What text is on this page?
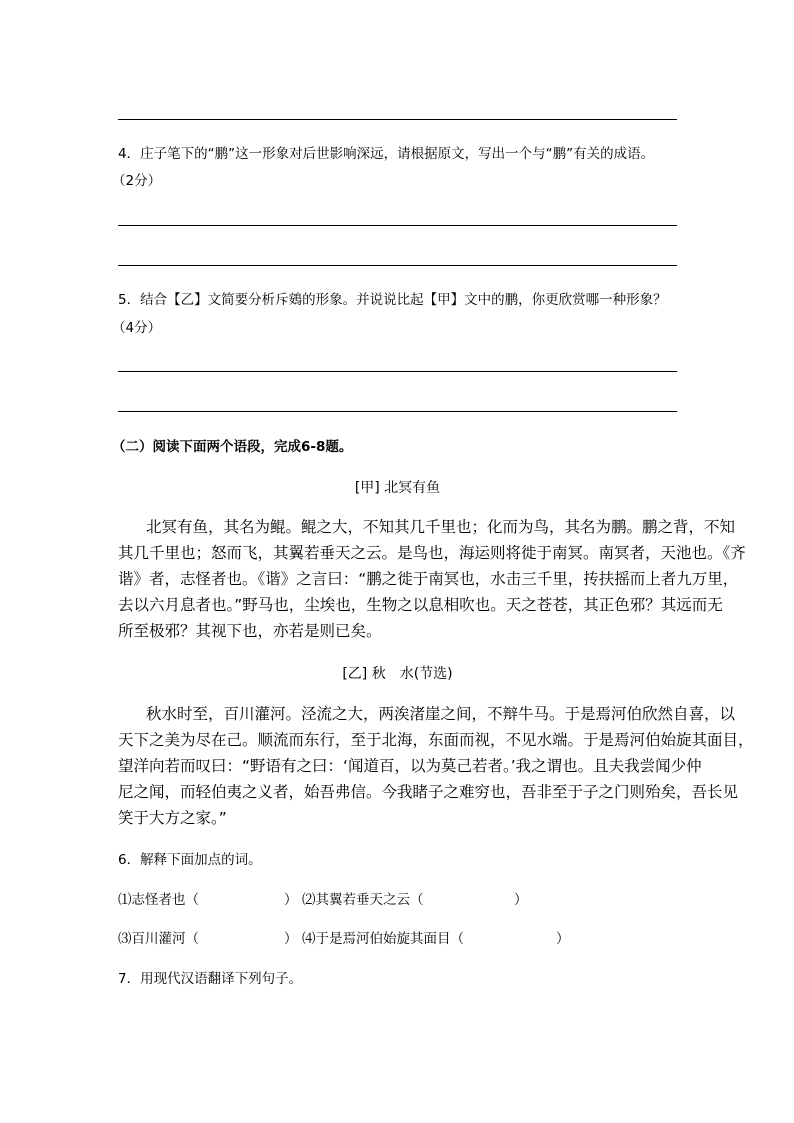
4．庄子笔下的“鹏”这一形象对后世影响深远，请根据原文，写出一个与“鹏”有关的成语。
（2分）
5．结合【乙】文简要分析斥鴳的形象。并说说比起【甲】文中的鹏，你更欣赏哪一种形象？
（4分）
（二）阅读下面两个语段，完成6-8题。
[甲] 北冥有鱼
北冥有鱼，其名为鲲。鲲之大，不知其几千里也；化而为鸟，其名为鹏。鹏之背，不知
其几千里也；怒而飞，其翼若垂天之云。是鸟也，海运则将徙于南冥。南冥者，天池也。《齐
谐》者，志怪者也。《谐》之言曰：“鹏之徙于南冥也，水击三千里，抟扶摇而上者九万里，
去以六月息者也。”野马也，尘埃也，生物之以息相吹也。天之苍苍，其正色邪？其远而无
所至极邪？其视下也，亦若是则已矣。
[乙] 秋　水(节选)
秋水时至，百川灌河。泾流之大，两涘渚崖之间，不辩牛马。于是焉河伯欣然自喜，以
天下之美为尽在己。顺流而东行，至于北海，东面而视，不见水端。于是焉河伯始旋其面目，
望洋向若而叹曰：“野语有之曰：‘闻道百，以为莫己若者。’我之谓也。且夫我尝闻少仲
尼之闻，而轻伯夷之义者，始吾弗信。今我睹子之难穷也，吾非至于子之门则殆矣，吾长见
笑于大方之家。”
6．解释下面加点的词。
⑴志怪者也（	） ⑵其翼若垂天之云（	）
⑶百川灌河（	） ⑷于是焉河伯始旋其面目（	）
7．用现代汉语翻译下列句子。
